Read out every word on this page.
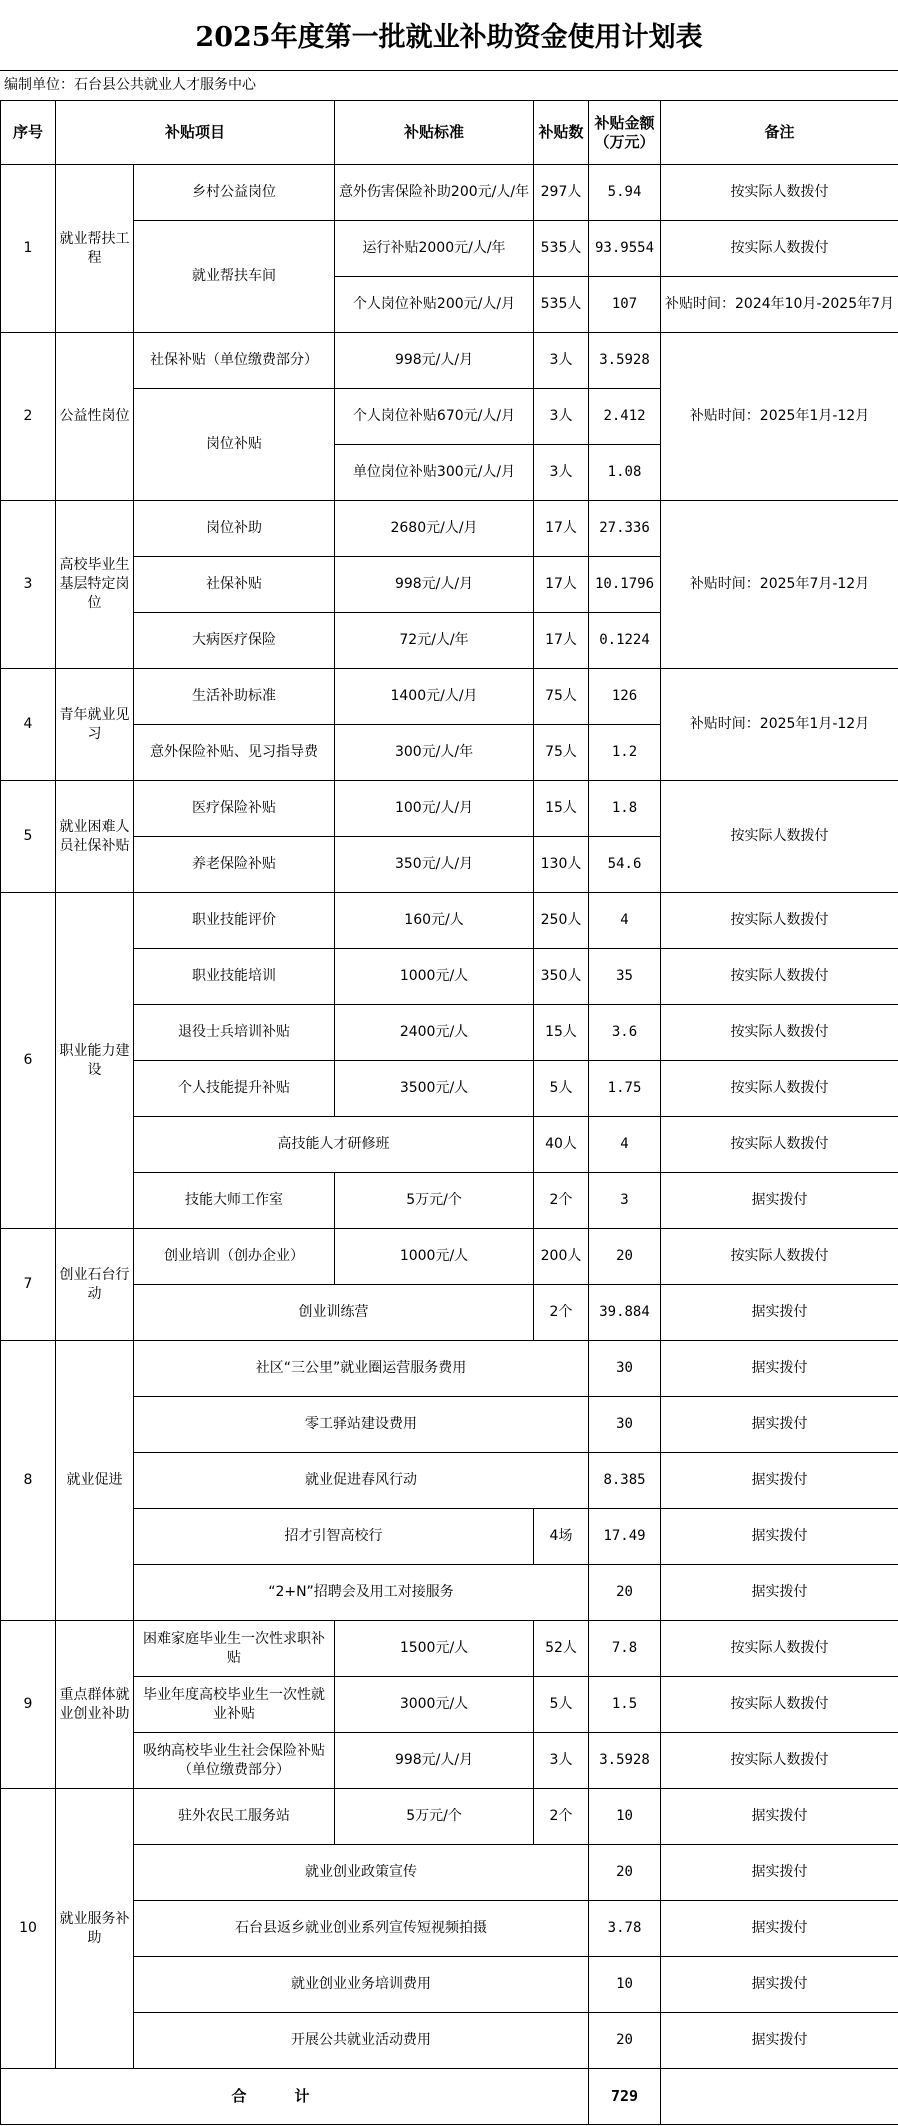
2025年度第一批就业补助资金使用计划表
编制单位：石台县公共就业人才服务中心
序号	补贴项目		补贴标准	补贴数	补贴金额（万元）	备注
1	就业帮扶工程	乡村公益岗位	意外伤害保险补助200元/人/年	297人	5.94	按实际人数拨付
		就业帮扶车间	运行补贴2000元/人/年	535人	93.9554	按实际人数拨付
			个人岗位补贴200元/人/月	535人	107	补贴时间：2024年10月-2025年7月
2	公益性岗位	社保补贴（单位缴费部分）	998元/人/月	3人	3.5928	补贴时间：2025年1月-12月
		岗位补贴	个人岗位补贴670元/人/月	3人	2.412	
			单位岗位补贴300元/人/月	3人	1.08	
3	高校毕业生基层特定岗位	岗位补助	2680元/人/月	17人	27.336	补贴时间：2025年7月-12月
		社保补贴	998元/人/月	17人	10.1796	
		大病医疗保险	72元/人/年	17人	0.1224	
4	青年就业见习	生活补助标准	1400元/人/月	75人	126	补贴时间：2025年1月-12月
		意外保险补贴、见习指导费	300元/人/年	75人	1.2	
5	就业困难人员社保补贴	医疗保险补贴	100元/人/月	15人	1.8	按实际人数拨付
		养老保险补贴	350元/人/月	130人	54.6	
6	职业能力建设	职业技能评价	160元/人	250人	4	按实际人数拨付
		职业技能培训	1000元/人	350人	35	按实际人数拨付
		退役士兵培训补贴	2400元/人	15人	3.6	按实际人数拨付
		个人技能提升补贴	3500元/人	5人	1.75	按实际人数拨付
		高技能人才研修班		40人	4	按实际人数拨付
		技能大师工作室	5万元/个	2个	3	据实拨付
7	创业石台行动	创业培训（创办企业）	1000元/人	200人	20	按实际人数拨付
		创业训练营		2个	39.884	据实拨付
8	就业促进	社区“三公里”就业圈运营服务费用			30	据实拨付
		零工驿站建设费用			30	据实拨付
		就业促进春风行动			8.385	据实拨付
		招才引智高校行		4场	17.49	据实拨付
		“2+N”招聘会及用工对接服务			20	据实拨付
9	重点群体就业创业补助	困难家庭毕业生一次性求职补贴	1500元/人	52人	7.8	按实际人数拨付
		毕业年度高校毕业生一次性就业补贴	3000元/人	5人	1.5	按实际人数拨付
		吸纳高校毕业生社会保险补贴（单位缴费部分）	998元/人/月	3人	3.5928	按实际人数拨付
10	就业服务补助	驻外农民工服务站	5万元/个	2个	10	据实拨付
		就业创业政策宣传			20	据实拨付
		石台县返乡就业创业系列宣传短视频拍摄			3.78	据实拨付
		就业创业业务培训费用			10	据实拨付
		开展公共就业活动费用			20	据实拨付
合计					729	
